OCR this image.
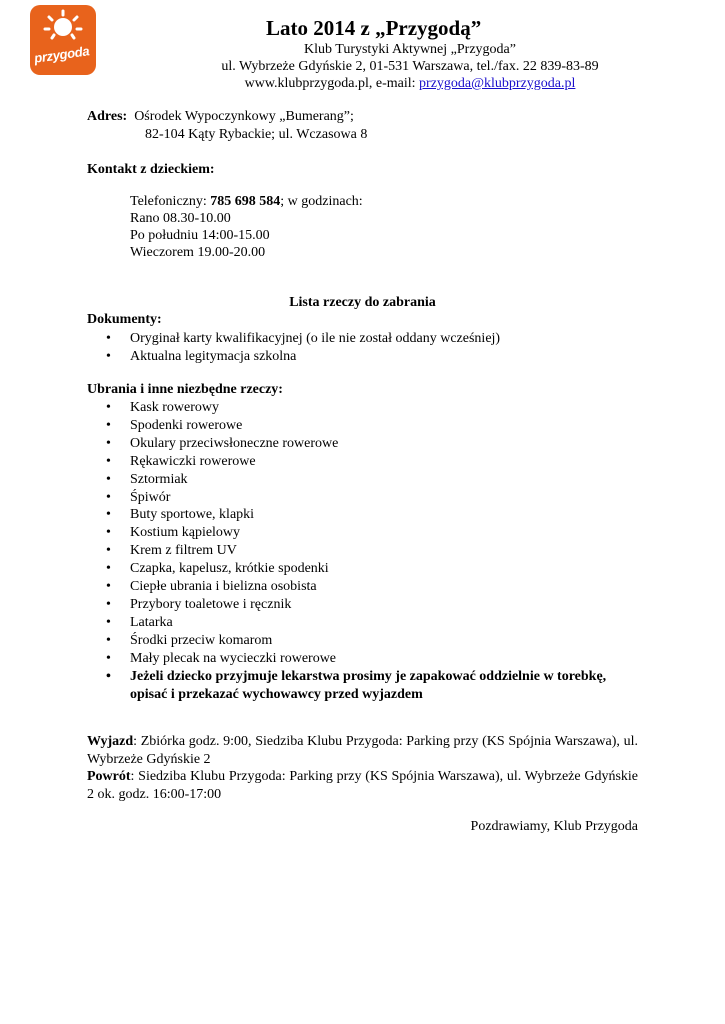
przygoda
Lato 2014 z „Przygodą”
Klub Turystyki Aktywnej „Przygoda”
ul. Wybrzeże Gdyńskie 2, 01-531 Warszawa, tel./fax. 22 839-83-89
www.klubprzygoda.pl, e-mail: przygoda@klubprzygoda.pl
Adres: Ośrodek Wypoczynkowy „Bumerang”;
82-104 Kąty Rybackie; ul. Wczasowa 8
Kontakt z dzieckiem:
Telefoniczny: 785 698 584; w godzinach:
Rano 08.30-10.00
Po południu 14:00-15.00
Wieczorem 19.00-20.00
Lista rzeczy do zabrania
Dokumenty:
• Oryginał karty kwalifikacyjnej (o ile nie został oddany wcześniej)
• Aktualna legitymacja szkolna
Ubrania i inne niezbędne rzeczy:
• Kask rowerowy
• Spodenki rowerowe
• Okulary przeciwsłoneczne rowerowe
• Rękawiczki rowerowe
• Sztormiak
• Śpiwór
• Buty sportowe, klapki
• Kostium kąpielowy
• Krem z filtrem UV
• Czapka, kapelusz, krótkie spodenki
• Ciepłe ubrania i bielizna osobista
• Przybory toaletowe i ręcznik
• Latarka
• Środki przeciw komarom
• Mały plecak na wycieczki rowerowe
• Jeżeli dziecko przyjmuje lekarstwa prosimy je zapakować oddzielnie w torebkę, opisać i przekazać wychowawcy przed wyjazdem
Wyjazd: Zbiórka godz. 9:00, Siedziba Klubu Przygoda: Parking przy (KS Spójnia Warszawa), ul. Wybrzeże Gdyńskie 2
Powrót: Siedziba Klubu Przygoda: Parking przy (KS Spójnia Warszawa), ul. Wybrzeże Gdyńskie 2 ok. godz. 16:00-17:00
Pozdrawiamy, Klub Przygoda
